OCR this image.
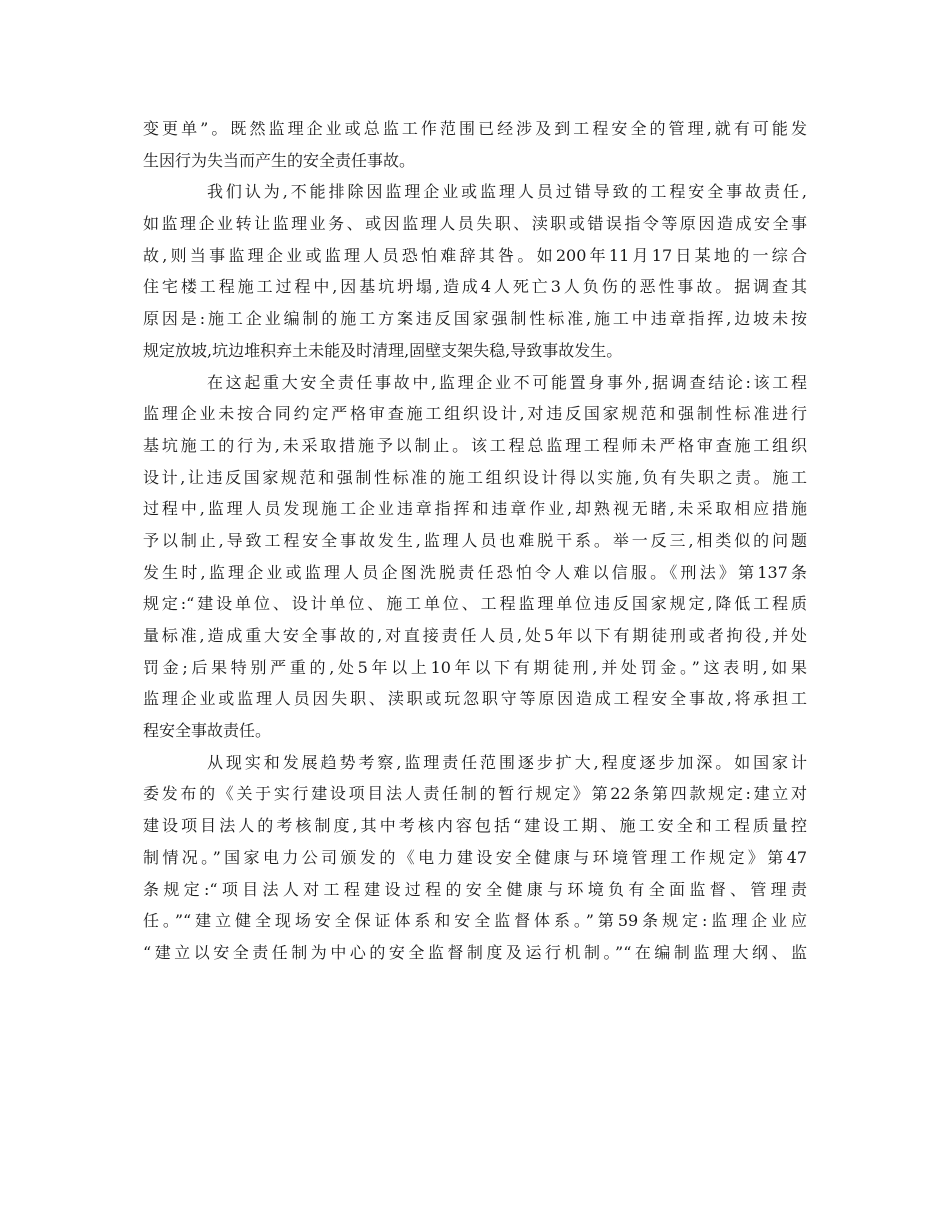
变更单”。既然监理企业或总监工作范围已经涉及到工程安全的管理,就有可能发
生因行为失当而产生的安全责任事故。
我们认为,不能排除因监理企业或监理人员过错导致的工程安全事故责任,
如监理企业转让监理业务、或因监理人员失职、渎职或错误指令等原因造成安全事
故,则当事监理企业或监理人员恐怕难辞其咎。如200年11月17日某地的一综合
住宅楼工程施工过程中,因基坑坍塌,造成4人死亡3人负伤的恶性事故。据调查其
原因是:施工企业编制的施工方案违反国家强制性标准,施工中违章指挥,边坡未按
规定放坡,坑边堆积弃土未能及时清理,固壁支架失稳,导致事故发生。
在这起重大安全责任事故中,监理企业不可能置身事外,据调查结论:该工程
监理企业未按合同约定严格审查施工组织设计,对违反国家规范和强制性标准进行
基坑施工的行为,未采取措施予以制止。该工程总监理工程师未严格审查施工组织
设计,让违反国家规范和强制性标准的施工组织设计得以实施,负有失职之责。施工
过程中,监理人员发现施工企业违章指挥和违章作业,却熟视无睹,未采取相应措施
予以制止,导致工程安全事故发生,监理人员也难脱干系。举一反三,相类似的问题
发生时,监理企业或监理人员企图洗脱责任恐怕令人难以信服。《刑法》第137条
规定:“建设单位、设计单位、施工单位、工程监理单位违反国家规定,降低工程质
量标准,造成重大安全事故的,对直接责任人员,处5年以下有期徒刑或者拘役,并处
罚金;后果特别严重的,处5年以上10年以下有期徒刑,并处罚金。”这表明,如果
监理企业或监理人员因失职、渎职或玩忽职守等原因造成工程安全事故,将承担工
程安全事故责任。
从现实和发展趋势考察,监理责任范围逐步扩大,程度逐步加深。如国家计
委发布的《关于实行建设项目法人责任制的暂行规定》第22条第四款规定:建立对
建设项目法人的考核制度,其中考核内容包括“建设工期、施工安全和工程质量控
制情况。”国家电力公司颁发的《电力建设安全健康与环境管理工作规定》第47
条规定:“项目法人对工程建设过程的安全健康与环境负有全面监督、管理责
任。”“建立健全现场安全保证体系和安全监督体系。”第59条规定:监理企业应
“建立以安全责任制为中心的安全监督制度及运行机制。”“在编制监理大纲、监
